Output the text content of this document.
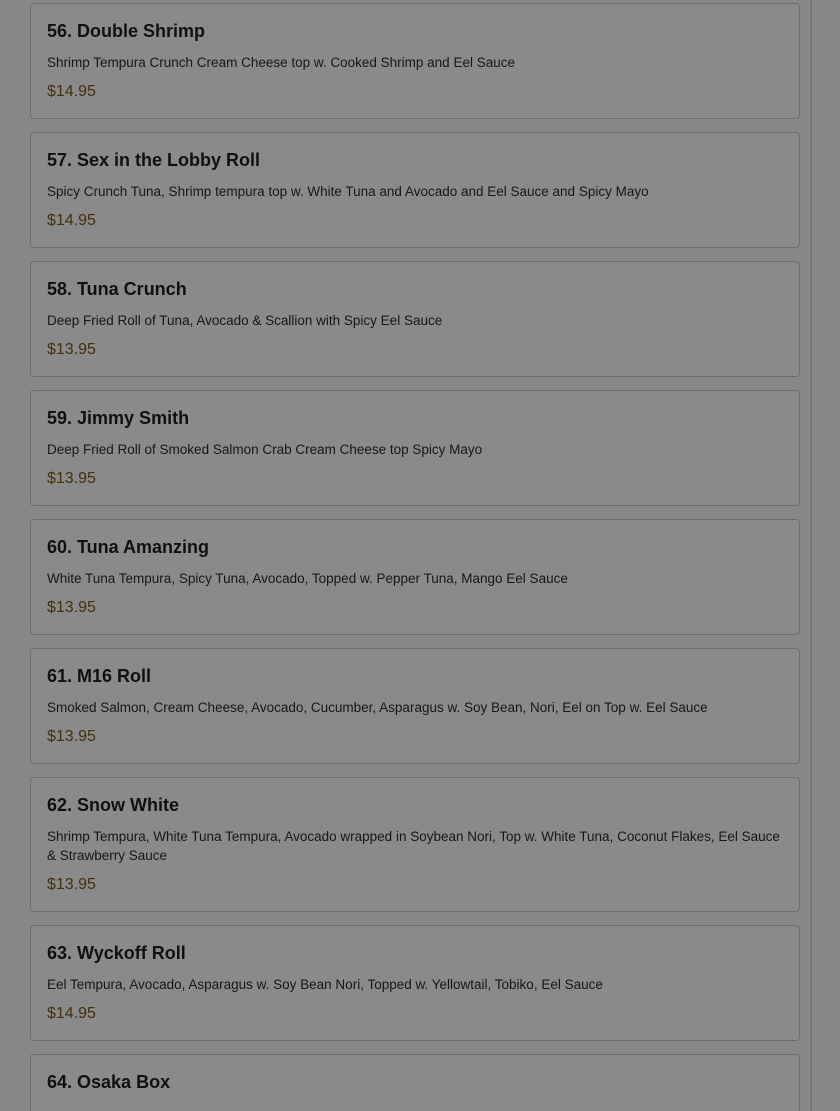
56. Double Shrimp

Shrimp Tempura Crunch Cream Cheese top w. Cooked Shrimp and Eel Sauce

$14.95

57. Sex in the Lobby Roll

Spicy Crunch Tuna, Shrimp tempura top w. White Tuna and Avocado and Eel Sauce and Spicy Mayo

$14.95

58. Tuna Crunch

Deep Fried Roll of Tuna, Avocado & Scallion with Spicy Eel Sauce

$13.95

59. Jimmy Smith

Deep Fried Roll of Smoked Salmon Crab Cream Cheese top Spicy Mayo

$13.95

60. Tuna Amanzing

White Tuna Tempura, Spicy Tuna, Avocado, Topped w. Pepper Tuna, Mango Eel Sauce

$13.95

61. M16 Roll

Smoked Salmon, Cream Cheese, Avocado, Cucumber, Asparagus w. Soy Bean, Nori, Eel on Top w. Eel Sauce

$13.95

62. Snow White

Shrimp Tempura, White Tuna Tempura, Avocado wrapped in Soybean Nori, Top w. White Tuna, Coconut Flakes, Eel Sauce & Strawberry Sauce

$13.95

63. Wyckoff Roll

Eel Tempura, Avocado, Asparagus w. Soy Bean Nori, Topped w. Yellowtail, Tobiko, Eel Sauce

$14.95

64. Osaka Box
